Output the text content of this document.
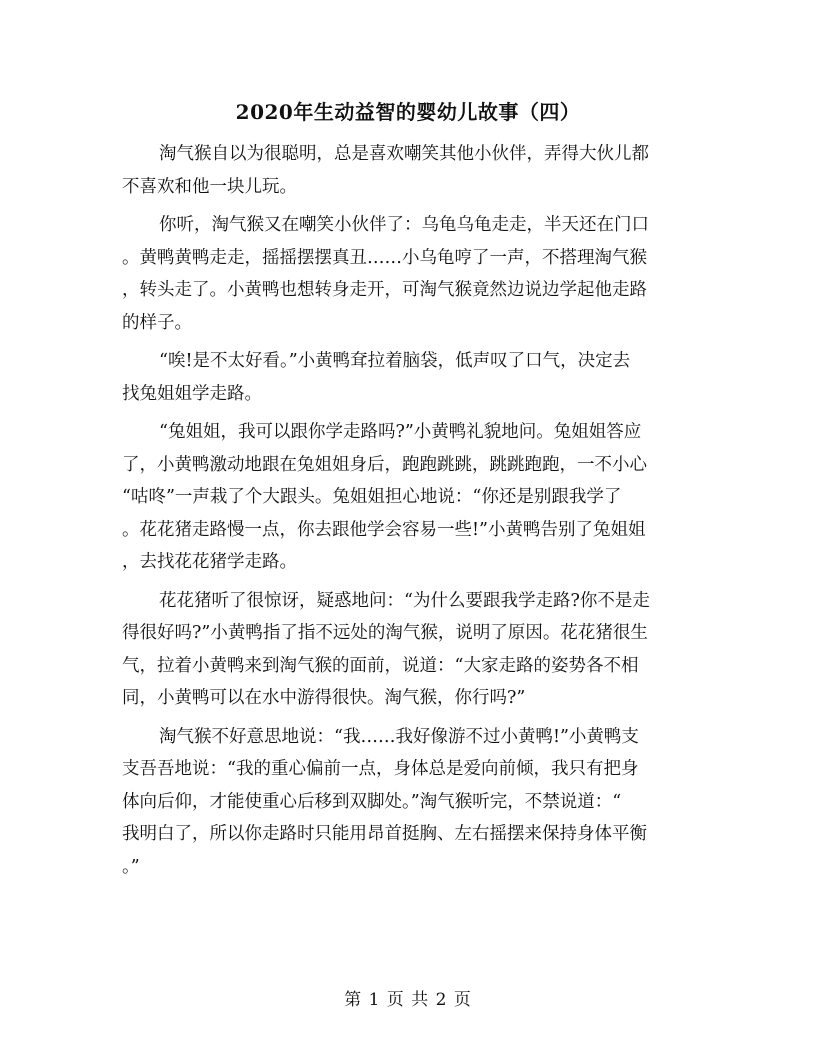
2020年生动益智的婴幼儿故事（四）
淘气猴自以为很聪明，总是喜欢嘲笑其他小伙伴，弄得大伙儿都
不喜欢和他一块儿玩。
你听，淘气猴又在嘲笑小伙伴了：乌龟乌龟走走，半天还在门口
。黄鸭黄鸭走走，摇摇摆摆真丑……小乌龟哼了一声，不搭理淘气猴
，转头走了。小黄鸭也想转身走开，可淘气猴竟然边说边学起他走路
的样子。
“唉!是不太好看。”小黄鸭耷拉着脑袋，低声叹了口气，决定去
找兔姐姐学走路。
“兔姐姐，我可以跟你学走路吗?”小黄鸭礼貌地问。兔姐姐答应
了，小黄鸭激动地跟在兔姐姐身后，跑跑跳跳，跳跳跑跑，一不小心
“咕咚”一声栽了个大跟头。兔姐姐担心地说：“你还是别跟我学了
。花花猪走路慢一点，你去跟他学会容易一些!”小黄鸭告别了兔姐姐
，去找花花猪学走路。
花花猪听了很惊讶，疑惑地问：“为什么要跟我学走路?你不是走
得很好吗?”小黄鸭指了指不远处的淘气猴，说明了原因。花花猪很生
气，拉着小黄鸭来到淘气猴的面前，说道：“大家走路的姿势各不相
同，小黄鸭可以在水中游得很快。淘气猴，你行吗?”
淘气猴不好意思地说：“我……我好像游不过小黄鸭!”小黄鸭支
支吾吾地说：“我的重心偏前一点，身体总是爱向前倾，我只有把身
体向后仰，才能使重心后移到双脚处。”淘气猴听完，不禁说道：“
我明白了，所以你走路时只能用昂首挺胸、左右摇摆来保持身体平衡
。”
第 1 页 共 2 页
